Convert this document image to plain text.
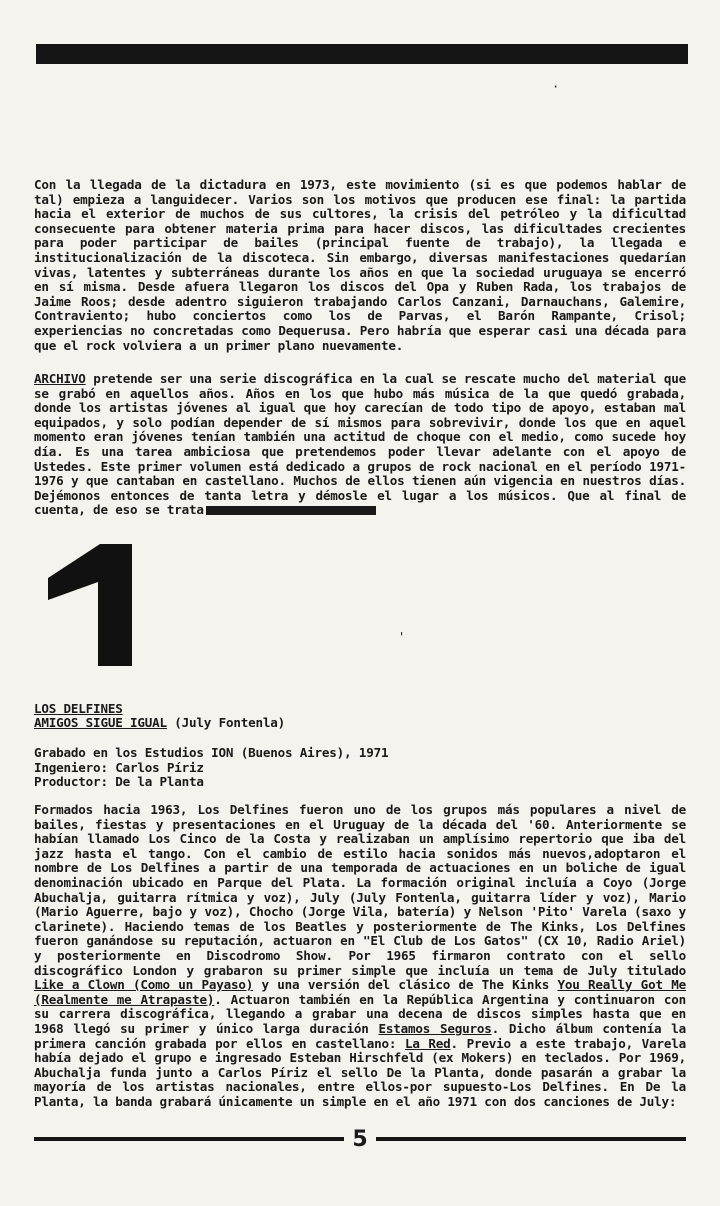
·

Con la llegada de la dictadura en 1973, este movimiento (si es que podemos hablar de tal) empieza a languidecer. Varios son los motivos que producen ese final: la partida hacia el exterior de muchos de sus cultores, la crisis del petróleo y la dificultad consecuente para obtener materia prima para hacer discos, las dificultades crecientes para poder participar de bailes (principal fuente de trabajo), la llegada e institucionalización de la discoteca. Sin embargo, diversas manifestaciones quedarían vivas, latentes y subterráneas durante los años en que la sociedad uruguaya se encerró en sí misma. Desde afuera llegaron los discos del Opa y Ruben Rada, los trabajos de Jaime Roos; desde adentro siguieron trabajando Carlos Canzani, Darnauchans, Galemire, Contraviento; hubo conciertos como los de Parvas, el Barón Rampante, Crisol; experiencias no concretadas como Dequerusa. Pero habría que esperar casi una década para que el rock volviera a un primer plano nuevamente.

ARCHIVO pretende ser una serie discográfica en la cual se rescate mucho del material que se grabó en aquellos años. Años en los que hubo más música de la que quedó grabada, donde los artistas jóvenes al igual que hoy carecían de todo tipo de apoyo, estaban mal equipados, y solo podían depender de sí mismos para sobrevivir, donde los que en aquel momento eran jóvenes tenían también una actitud de choque con el medio, como sucede hoy día. Es una tarea ambiciosa que pretendemos poder llevar adelante con el apoyo de Ustedes. Este primer volumen está dedicado a grupos de rock nacional en el período 1971-1976 y que cantaban en castellano. Muchos de ellos tienen aún vigencia en nuestros días. Dejémonos entonces de tanta letra y démosle el lugar a los músicos. Que al final de cuenta, de eso se trata

'

LOS DELFINES

AMIGOS SIGUE IGUAL (July Fontenla)

Grabado en los Estudios ION (Buenos Aires), 1971
Ingeniero: Carlos Píriz
Productor: De la Planta

Formados hacia 1963, Los Delfines fueron uno de los grupos más populares a nivel de bailes, fiestas y presentaciones en el Uruguay de la década del '60. Anteriormente se habían llamado Los Cinco de la Costa y realizaban un amplísimo repertorio que iba del jazz hasta el tango. Con el cambio de estilo hacia sonidos más nuevos,adoptaron el nombre de Los Delfines a partir de una temporada de actuaciones en un boliche de igual denominación ubicado en Parque del Plata. La formación original incluía a Coyo (Jorge Abuchalja, guitarra rítmica y voz), July (July Fontenla, guitarra líder y voz), Mario (Mario Aguerre, bajo y voz), Chocho (Jorge Vila, batería) y Nelson 'Pito' Varela (saxo y clarinete). Haciendo temas de los Beatles y posteriormente de The Kinks, Los Delfines fueron ganándose su reputación, actuaron en "El Club de Los Gatos" (CX 10, Radio Ariel) y posteriormente en Discodromo Show. Por 1965 firmaron contrato con el sello discográfico London y grabaron su primer simple que incluía un tema de July titulado Like a Clown (Como un Payaso) y una versión del clásico de The Kinks You Really Got Me (Realmente me Atrapaste). Actuaron también en la República Argentina y continuaron con su carrera discográfica, llegando a grabar una decena de discos simples hasta que en 1968 llegó su primer y único larga duración Estamos Seguros. Dicho álbum contenía la primera canción grabada por ellos en castellano: La Red. Previo a este trabajo, Varela había dejado el grupo e ingresado Esteban Hirschfeld (ex Mokers) en teclados. Por 1969, Abuchalja funda junto a Carlos Píriz el sello De la Planta, donde pasarán a grabar la mayoría de los artistas nacionales, entre ellos-por supuesto-Los Delfines. En De la Planta, la banda grabará únicamente un simple en el año 1971 con dos canciones de July:

5
